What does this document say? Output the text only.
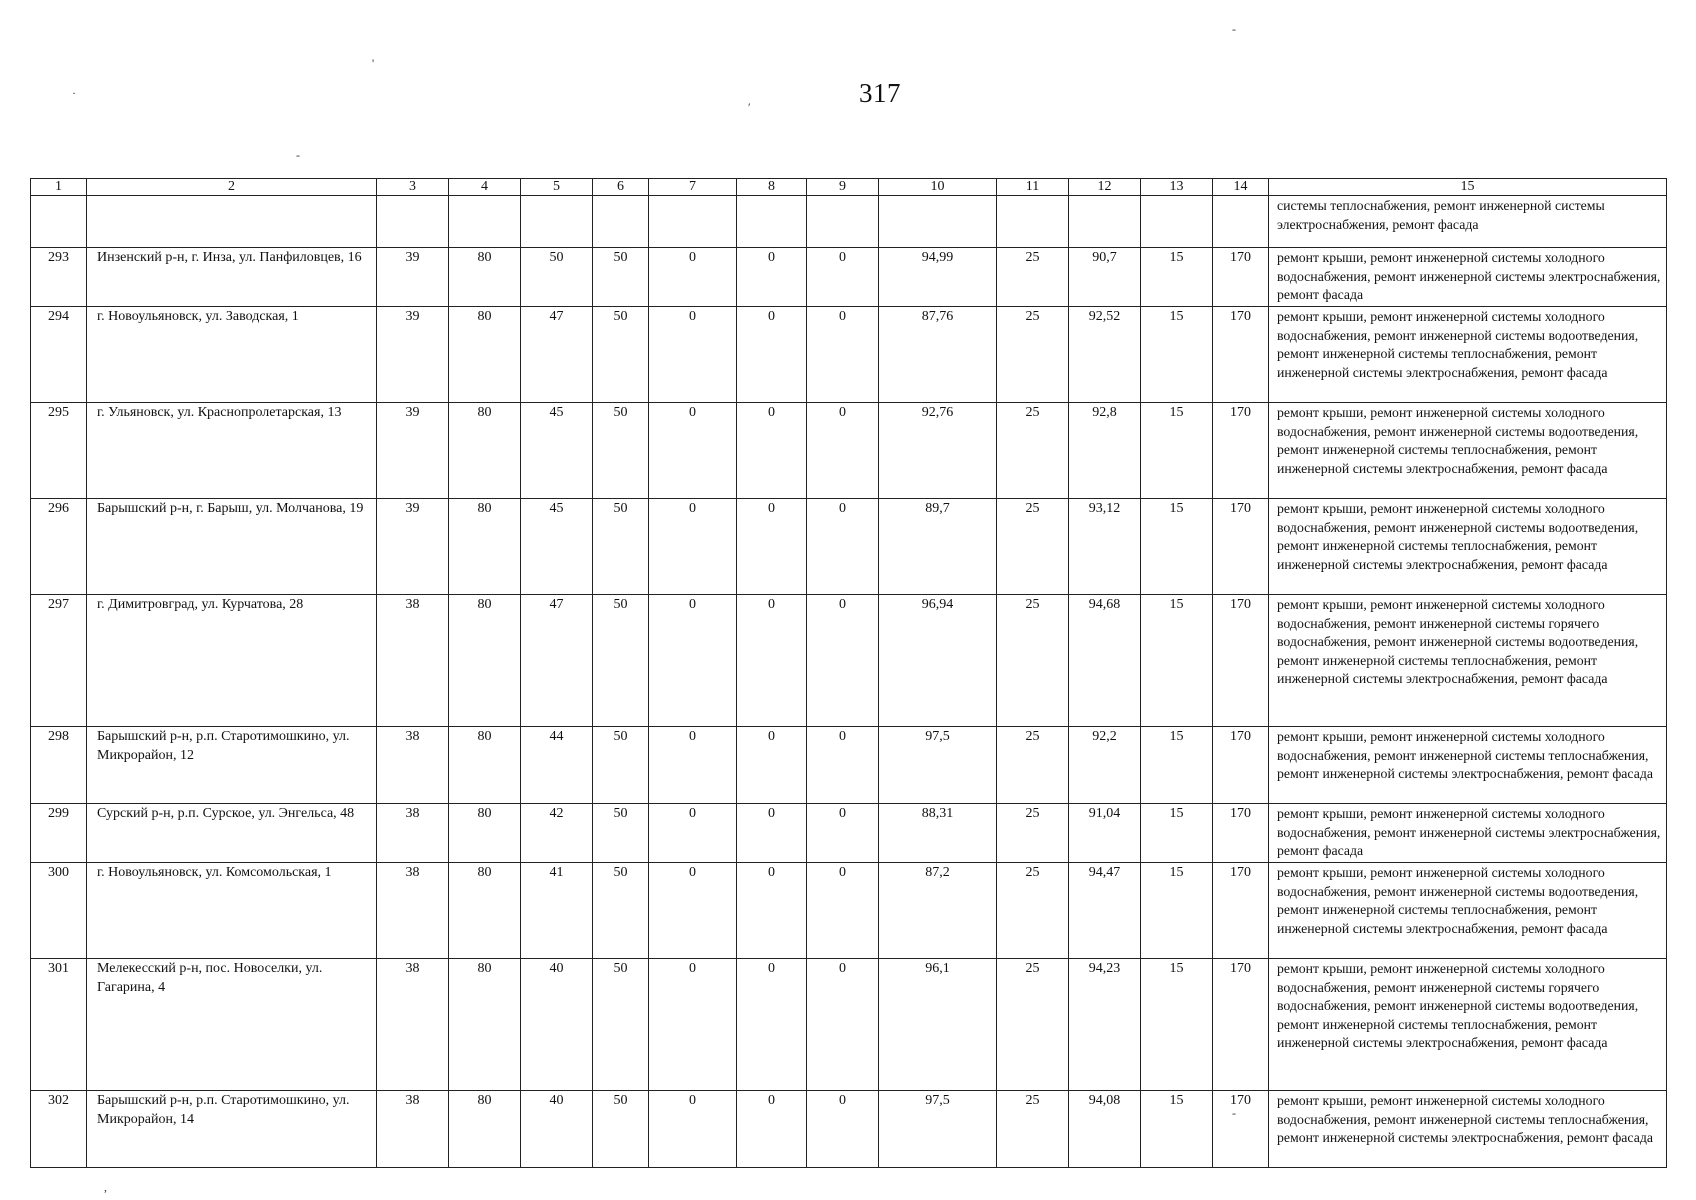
·
'
‐
′
-
-
,
317
1	2	3	4	5	6	7	8	9	10	11	12	13	14	15
														системы теплоснабжения, ремонт инженерной системы электроснабжения, ремонт фасада
293	Инзенский р-н, г. Инза, ул. Панфиловцев, 16	39	80	50	50	0	0	0	94,99	25	90,7	15	170	ремонт крыши, ремонт инженерной системы холодного водоснабжения, ремонт инженерной системы электроснабжения, ремонт фасада
294	г. Новоульяновск, ул. Заводская, 1	39	80	47	50	0	0	0	87,76	25	92,52	15	170	ремонт крыши, ремонт инженерной системы холодного водоснабжения, ремонт инженерной системы водоотведения, ремонт инженерной системы теплоснабжения, ремонт инженерной системы электроснабжения, ремонт фасада
295	г. Ульяновск, ул. Краснопролетарская, 13	39	80	45	50	0	0	0	92,76	25	92,8	15	170	ремонт крыши, ремонт инженерной системы холодного водоснабжения, ремонт инженерной системы водоотведения, ремонт инженерной системы теплоснабжения, ремонт инженерной системы электроснабжения, ремонт фасада
296	Барышский р-н, г. Барыш, ул. Молчанова, 19	39	80	45	50	0	0	0	89,7	25	93,12	15	170	ремонт крыши, ремонт инженерной системы холодного водоснабжения, ремонт инженерной системы водоотведения, ремонт инженерной системы теплоснабжения, ремонт инженерной системы электроснабжения, ремонт фасада
297	г. Димитровград, ул. Курчатова, 28	38	80	47	50	0	0	0	96,94	25	94,68	15	170	ремонт крыши, ремонт инженерной системы холодного водоснабжения, ремонт инженерной системы горячего водоснабжения, ремонт инженерной системы водоотведения, ремонт инженерной системы теплоснабжения, ремонт инженерной системы электроснабжения, ремонт фасада
298	Барышский р-н, р.п. Старотимошкино, ул. Микрорайон, 12	38	80	44	50	0	0	0	97,5	25	92,2	15	170	ремонт крыши, ремонт инженерной системы холодного водоснабжения, ремонт инженерной системы теплоснабжения, ремонт инженерной системы электроснабжения, ремонт фасада
299	Сурский р-н, р.п. Сурское, ул. Энгельса, 48	38	80	42	50	0	0	0	88,31	25	91,04	15	170	ремонт крыши, ремонт инженерной системы холодного водоснабжения, ремонт инженерной системы электроснабжения, ремонт фасада
300	г. Новоульяновск, ул. Комсомольская, 1	38	80	41	50	0	0	0	87,2	25	94,47	15	170	ремонт крыши, ремонт инженерной системы холодного водоснабжения, ремонт инженерной системы водоотведения, ремонт инженерной системы теплоснабжения, ремонт инженерной системы электроснабжения, ремонт фасада
301	Мелекесский р-н, пос. Новоселки, ул. Гагарина, 4	38	80	40	50	0	0	0	96,1	25	94,23	15	170	ремонт крыши, ремонт инженерной системы холодного водоснабжения, ремонт инженерной системы горячего водоснабжения, ремонт инженерной системы водоотведения, ремонт инженерной системы теплоснабжения, ремонт инженерной системы электроснабжения, ремонт фасада
302	Барышский р-н, р.п. Старотимошкино, ул. Микрорайон, 14	38	80	40	50	0	0	0	97,5	25	94,08	15	170	ремонт крыши, ремонт инженерной системы холодного водоснабжения, ремонт инженерной системы теплоснабжения, ремонт инженерной системы электроснабжения, ремонт фасада
